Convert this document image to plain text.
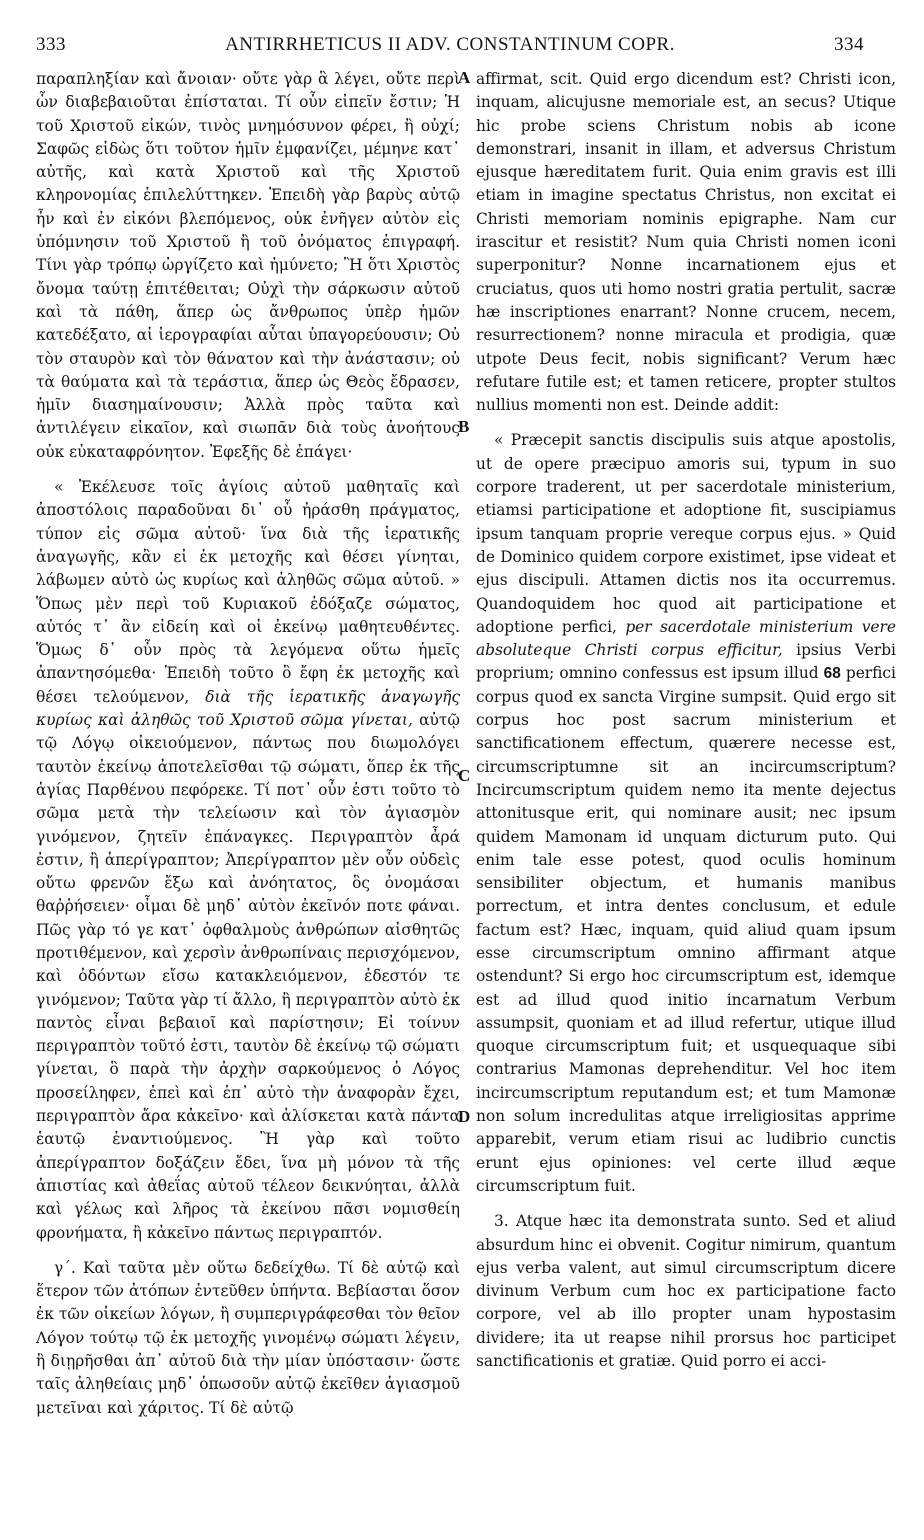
333	ANTIRRHETICUS II ADV. CONSTANTINUM COPR.	334

παραπληξίαν καὶ ἄνοιαν· οὔτε γὰρ ἃ λέγει, οὔτε περὶ ὧν διαβεβαιοῦται ἐπίσταται. Τί οὖν εἰπεῖν ἔστιν; Ἡ τοῦ Χριστοῦ εἰκών, τινὸς μνημόσυνον φέρει, ἢ οὐχί; Σαφῶς εἰδὼς ὅτι τοῦτον ἡμῖν ἐμφανίζει, μέμηνε κατ᾽ αὐτῆς, καὶ κατὰ Χριστοῦ καὶ τῆς Χριστοῦ κληρονομίας ἐπιλελύττηκεν. Ἐπειδὴ γὰρ βαρὺς αὐτῷ ἦν καὶ ἐν εἰκόνι βλεπόμενος, οὐκ ἐνῆγεν αὐτὸν εἰς ὑπόμνησιν τοῦ Χριστοῦ ἢ τοῦ ὀνόματος ἐπιγραφή. Τίνι γὰρ τρόπῳ ὠργίζετο καὶ ἠμύνετο; Ἢ ὅτι Χριστὸς ὄνομα ταύτῃ ἐπιτέθειται; Οὐχὶ τὴν σάρκωσιν αὐτοῦ καὶ τὰ πάθη, ἅπερ ὡς ἄνθρωπος ὑπὲρ ἡμῶν κατεδέξατο, αἱ ἱερογραφίαι αὗται ὑπαγορεύουσιν; Οὐ τὸν σταυρὸν καὶ τὸν θάνατον καὶ τὴν ἀνάστασιν; οὐ τὰ θαύματα καὶ τὰ τεράστια, ἅπερ ὡς Θεὸς ἔδρασεν, ἡμῖν διασημαίνουσιν; Ἀλλὰ πρὸς ταῦτα καὶ ἀντιλέγειν εἰκαῖον, καὶ σιωπᾶν διὰ τοὺς ἀνοήτους οὐκ εὐκαταφρόνητον. Ἐφεξῆς δὲ ἐπάγει·

« Ἐκέλευσε τοῖς ἁγίοις αὐτοῦ μαθηταῖς καὶ ἀποστόλοις παραδοῦναι δι᾽ οὗ ἠράσθη πράγματος, τύπον εἰς σῶμα αὐτοῦ· ἵνα διὰ τῆς ἱερατικῆς ἀναγωγῆς, κἂν εἰ ἐκ μετοχῆς καὶ θέσει γίνηται, λάβωμεν αὐτὸ ὡς κυρίως καὶ ἀληθῶς σῶμα αὐτοῦ. » Ὅπως μὲν περὶ τοῦ Κυριακοῦ ἐδόξαζε σώματος, αὐτός τ᾽ ἂν εἰδείη καὶ οἱ ἐκείνῳ μαθητευθέντες. Ὅμως δ᾽ οὖν πρὸς τὰ λεγόμενα οὕτω ἡμεῖς ἀπαντησόμεθα· Ἐπειδὴ τοῦτο ὃ ἔφη ἐκ μετοχῆς καὶ θέσει τελούμενον, διὰ τῆς ἱερατικῆς ἀναγωγῆς κυρίως καὶ ἀληθῶς τοῦ Χριστοῦ σῶμα γίνεται, αὐτῷ τῷ Λόγῳ οἰκειούμενον, πάντως που διωμολόγει ταυτὸν ἐκείνῳ ἀποτελεῖσθαι τῷ σώματι, ὅπερ ἐκ τῆς ἁγίας Παρθένου πεφόρεκε. Τί ποτ᾽ οὖν ἐστι τοῦτο τὸ σῶμα μετὰ τὴν τελείωσιν καὶ τὸν ἁγιασμὸν γινόμενον, ζητεῖν ἐπάναγκες. Περιγραπτὸν ἆρά ἐστιν, ἢ ἀπερίγραπτον; Ἀπερίγραπτον μὲν οὖν οὐδεὶς οὔτω φρενῶν ἔξω καὶ ἀνόητατος, ὃς ὀνομάσαι θαῤῥήσειεν· οἶμαι δὲ μηδ᾽ αὐτὸν ἐκεῖνόν ποτε φάναι. Πῶς γὰρ τό γε κατ᾽ ὀφθαλμοὺς ἀνθρώπων αἰσθητῶς προτιθέμενον, καὶ χερσὶν ἀνθρωπίναις περισχόμενον, καὶ ὀδόντων εἴσω κατακλειόμενον, ἐδεστόν τε γινόμενον; Ταῦτα γὰρ τί ἄλλο, ἢ περιγραπτὸν αὐτὸ ἐκ παντὸς εἶναι βεβαιοῖ καὶ παρίστησιν; Εἰ τοίνυν περιγραπτὸν τοῦτό ἐστι, ταυτὸν δὲ ἐκείνῳ τῷ σώματι γίνεται, ὃ παρὰ τὴν ἀρχὴν σαρκούμενος ὁ Λόγος προσείληφεν, ἐπεὶ καὶ ἐπ᾽ αὐτὸ τὴν ἀναφορὰν ἔχει, περιγραπτὸν ἄρα κἀκεῖνο· καὶ ἁλίσκεται κατὰ πάντα ἑαυτῷ ἐναντιούμενος. Ἢ γὰρ καὶ τοῦτο ἀπερίγραπτον δοξάζειν ἔδει, ἵνα μὴ μόνον τὰ τῆς ἀπιστίας καὶ ἀθεΐας αὐτοῦ τέλεον δεικνύηται, ἀλλὰ καὶ γέλως καὶ λῆρος τὰ ἐκείνου πᾶσι νομισθείη φρονήματα, ἢ κἀκεῖνο πάντως περιγραπτόν.

γ΄. Καὶ ταῦτα μὲν οὕτω δεδείχθω. Τί δὲ αὐτῷ καὶ ἕτερον τῶν ἀτόπων ἐντεῦθεν ὑπήντα. Βεβίασται ὅσον ἐκ τῶν οἰκείων λόγων, ἢ συμπεριγράφεσθαι τὸν θεῖον Λόγον τούτῳ τῷ ἐκ μετοχῆς γινομένῳ σώματι λέγειν, ἢ διῃρῆσθαι ἀπ᾽ αὐτοῦ διὰ τὴν μίαν ὑπόστασιν· ὥστε ταῖς ἀληθείαις μηδ᾽ ὁπωσοῦν αὐτῷ ἐκεῖθεν ἁγιασμοῦ μετεῖναι καὶ χάριτος. Τί δὲ αὐτῷ

affirmat, scit. Quid ergo dicendum est? Christi icon, inquam, alicujusne memoriale est, an secus? Utique hic probe sciens Christum nobis ab icone demonstrari, insanit in illam, et adversus Christum ejusque hæreditatem furit. Quia enim gravis est illi etiam in imagine spectatus Christus, non excitat ei Christi memoriam nominis epigraphe. Nam cur irascitur et resistit? Num quia Christi nomen iconi superponitur? Nonne incarnationem ejus et cruciatus, quos uti homo nostri gratia pertulit, sacræ hæ inscriptiones enarrant? Nonne crucem, necem, resurrectionem? nonne miracula et prodigia, quæ utpote Deus fecit, nobis significant? Verum hæc refutare futile est; et tamen reticere, propter stultos nullius momenti non est. Deinde addit:

« Præcepit sanctis discipulis suis atque apostolis, ut de opere præcipuo amoris sui, typum in suo corpore traderent, ut per sacerdotale ministerium, etiamsi participatione et adoptione fit, suscipiamus ipsum tanquam proprie vereque corpus ejus. » Quid de Dominico quidem corpore existimet, ipse videat et ejus discipuli. Attamen dictis nos ita occurremus. Quandoquidem hoc quod ait participatione et adoptione perfici, per sacerdotale ministerium vere absoluteque Christi corpus efficitur, ipsius Verbi proprium; omnino confessus est ipsum illud 68 perfici corpus quod ex sancta Virgine sumpsit. Quid ergo sit corpus hoc post sacrum ministerium et sanctificationem effectum, quærere necesse est, circumscriptumne sit an incircumscriptum? Incircumscriptum quidem nemo ita mente dejectus attonitusque erit, qui nominare ausit; nec ipsum quidem Mamonam id unquam dicturum puto. Qui enim tale esse potest, quod oculis hominum sensibiliter objectum, et humanis manibus porrectum, et intra dentes conclusum, et edule factum est? Hæc, inquam, quid aliud quam ipsum esse circumscriptum omnino affirmant atque ostendunt? Si ergo hoc circumscriptum est, idemque est ad illud quod initio incarnatum Verbum assumpsit, quoniam et ad illud refertur, utique illud quoque circumscriptum fuit; et usquequaque sibi contrarius Mamonas deprehenditur. Vel hoc item incircumscriptum reputandum est; et tum Mamonæ non solum incredulitas atque irreligiositas apprime apparebit, verum etiam risui ac ludibrio cunctis erunt ejus opiniones: vel certe illud æque circumscriptum fuit.

3. Atque hæc ita demonstrata sunto. Sed et aliud absurdum hinc ei obvenit. Cogitur nimirum, quantum ejus verba valent, aut simul circumscriptum dicere divinum Verbum cum hoc ex participatione facto corpore, vel ab illo propter unam hypostasim dividere; ita ut reapse nihil prorsus hoc participet sanctificationis et gratiæ. Quid porro ei acci-

A
B
C
D
